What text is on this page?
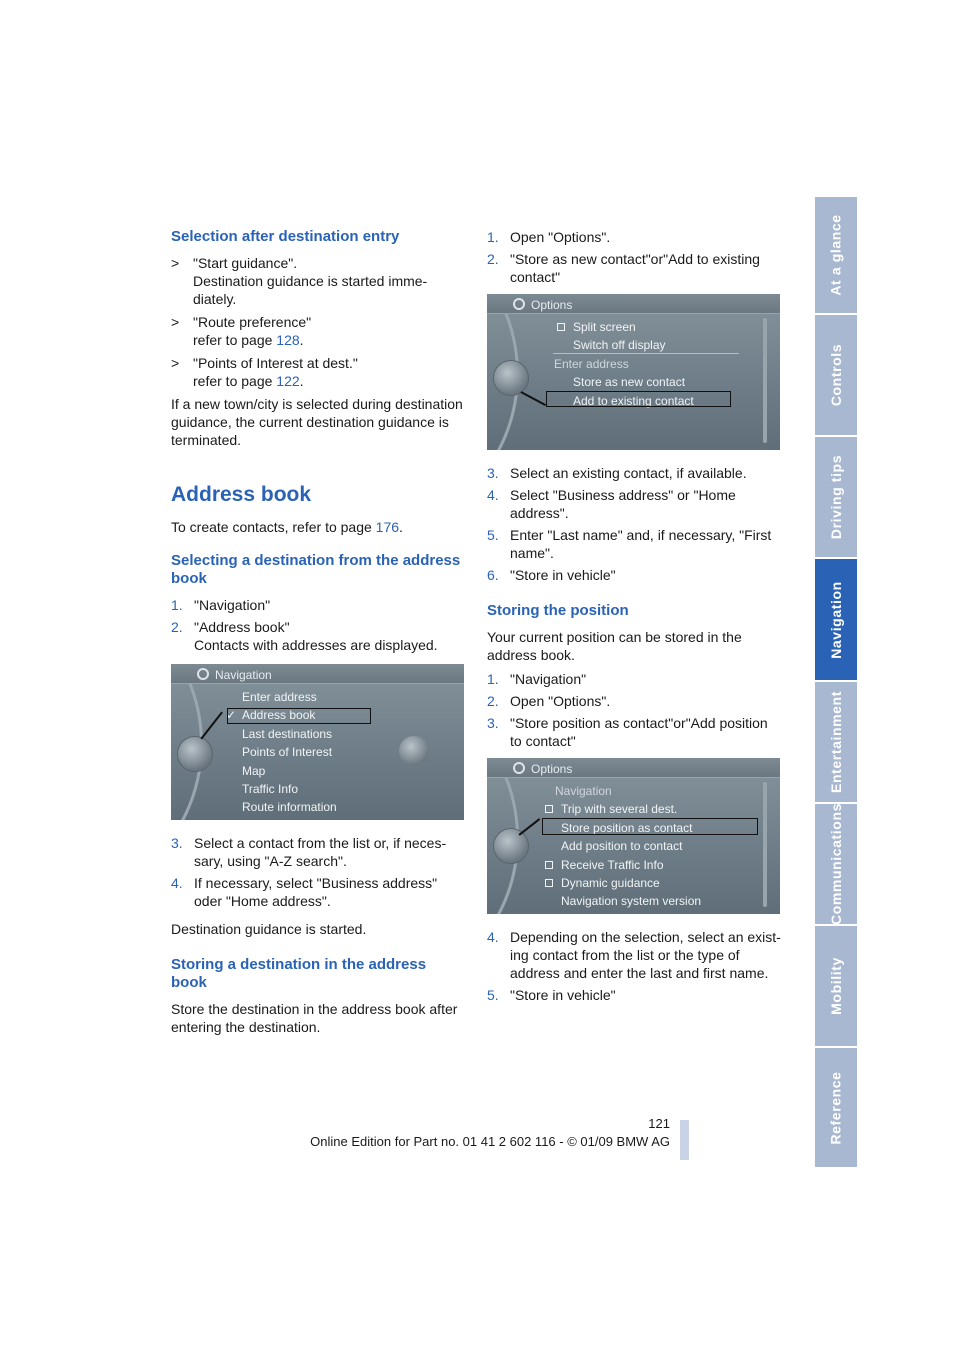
At a glance
Controls
Driving tips
Navigation
Entertainment
Communications
Mobility
Reference
Selection after destination entry
> "Start guidance".
Destination guidance is started imme-diately.
> "Route preference"
refer to page 128.
> "Points of Interest at dest."
refer to page 122.

If a new town/city is selected during destination guidance, the current destination guidance is terminated.

Address book

To create contacts, refer to page 176.

Selecting a destination from the address book
1. "Navigation"
2. "Address book"
Contacts with addresses are displayed.
Navigation
Enter address
✓ Address book
Last destinations
Points of Interest
Map
Traffic Info
Route information
3. Select a contact from the list or, if neces-sary, using "A-Z search".
4. If necessary, select "Business address" oder "Home address".

Destination guidance is started.

Storing a destination in the address book

Store the destination in the address book after entering the destination.

1. Open "Options".
2. "Store as new contact"or"Add to existing contact"
Options
Split screen
Switch off display
Enter address
Store as new contact
Add to existing contact
3. Select an existing contact, if available.
4. Select "Business address" or "Home address".
5. Enter "Last name" and, if necessary, "First name".
6. "Store in vehicle"
Storing the position

Your current position can be stored in the address book.

1. "Navigation"
2. Open "Options".
3. "Store position as contact"or"Add position to contact"
Options
Navigation
Trip with several dest.
Store position as contact
Add position to contact
Receive Traffic Info
Dynamic guidance
Navigation system version
4. Depending on the selection, select an exist-ing contact from the list or the type of address and enter the last and first name.
5. "Store in vehicle"
121
Online Edition for Part no. 01 41 2 602 116 - © 01/09 BMW AG
